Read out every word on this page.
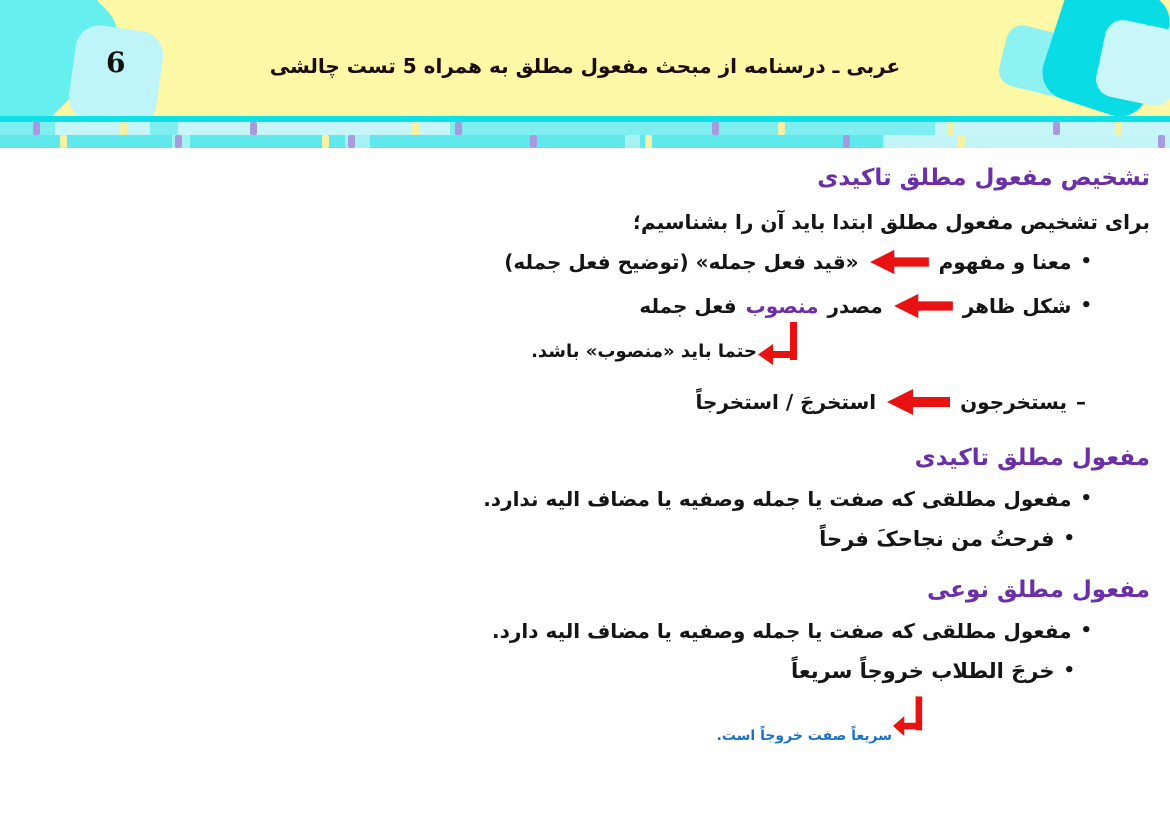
6	عربی ـ درسنامه از مبحث مفعول مطلق به همراه 5 تست چالشی
تشخیص مفعول مطلق تاکیدی

برای تشخیص مفعول مطلق ابتدا باید آن را بشناسیم؛

•
معنا و مفهوم
«قید فعل جمله» (توضیح فعل جمله)
•
شکل ظاهر
مصدر
منصوب
فعل جمله
حتما باید «منصوب» باشد.
–
یستخرجون
استخرجَ / استخرجاً
مفعول مطلق تاکیدی
•
مفعول مطلقی که صفت یا جمله وصفیه یا مضاف الیه ندارد.
•
فرحتُ من نجاحکَ فرحاً
مفعول مطلق نوعی
•
مفعول مطلقی که صفت یا جمله وصفیه یا مضاف الیه دارد.
•
خرجَ الطلاب خروجاً سریعاً
سریعاً صفت خروجاً است.
